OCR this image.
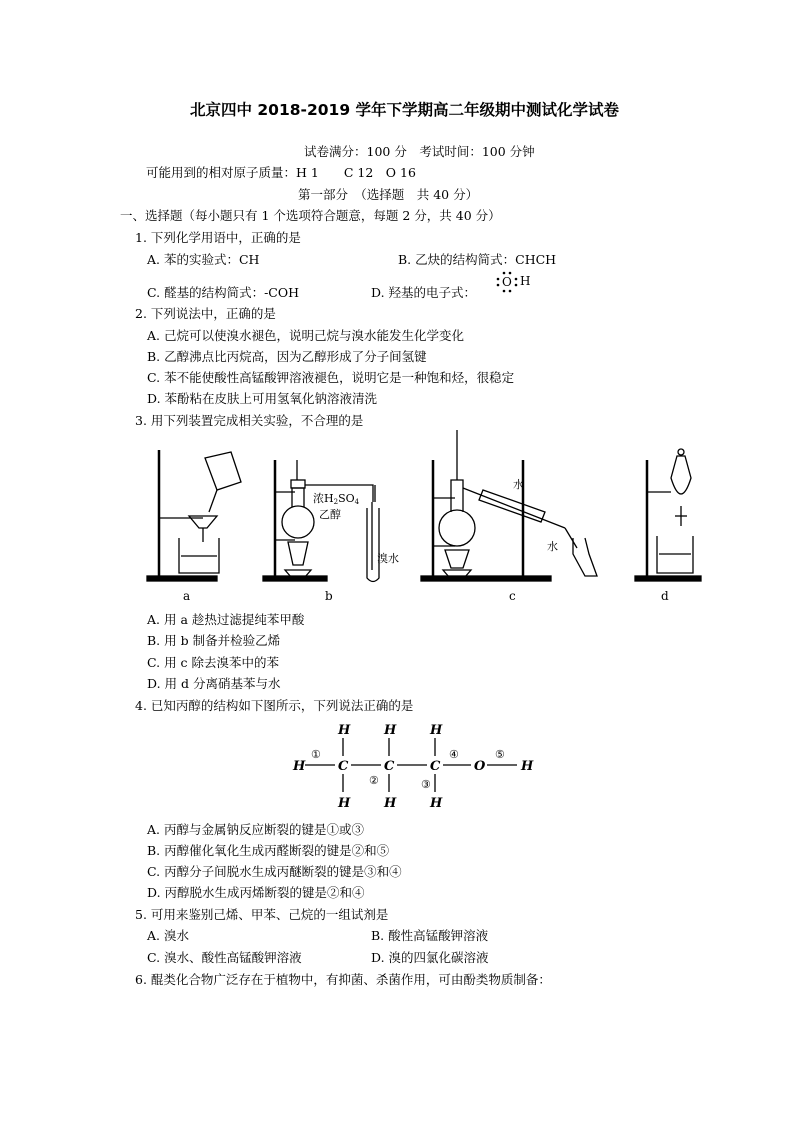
北京四中 2018-2019 学年下学期高二年级期中测试化学试卷
试卷满分：100 分　考试时间：100 分钟
可能用到的相对原子质量：H 1　　C 12　O 16
第一部分　（选择题　共 40 分）
一、选择题（每小题只有 1 个选项符合题意，每题 2 分，共 40 分）
1. 下列化学用语中，正确的是
A. 苯的实验式：CH	B. 乙炔的结构简式：CHCH
C. 醛基的结构简式：-COH	D. 羟基的电子式：
O H
2. 下列说法中，正确的是
A. 己烷可以使溴水褪色，说明己烷与溴水能发生化学变化
B. 乙醇沸点比丙烷高，因为乙醇形成了分子间氢键
C. 苯不能使酸性高锰酸钾溶液褪色，说明它是一种饱和烃，很稳定
D. 苯酚粘在皮肤上可用氢氧化钠溶液清洗
3. 用下列装置完成相关实验，不合理的是
a
浓H2SO4
乙醇
溴水
b
水
水
c	d
A. 用 a 趁热过滤提纯苯甲酸
B. 用 b 制备并检验乙烯
C. 用 c 除去溴苯中的苯
D. 用 d 分离硝基苯与水
4. 已知丙醇的结构如下图所示，下列说法正确的是
H	C	C	C	O	H
H	H	H
H	H	H
①
②	③
④	⑤
A. 丙醇与金属钠反应断裂的键是①或③
B. 丙醇催化氧化生成丙醛断裂的键是②和⑤
C. 丙醇分子间脱水生成丙醚断裂的键是③和④
D. 丙醇脱水生成丙烯断裂的键是②和④
5. 可用来鉴别己烯、甲苯、己烷的一组试剂是
A. 溴水	B. 酸性高锰酸钾溶液
C. 溴水、酸性高锰酸钾溶液	D. 溴的四氯化碳溶液
6. 醌类化合物广泛存在于植物中，有抑菌、杀菌作用，可由酚类物质制备：
